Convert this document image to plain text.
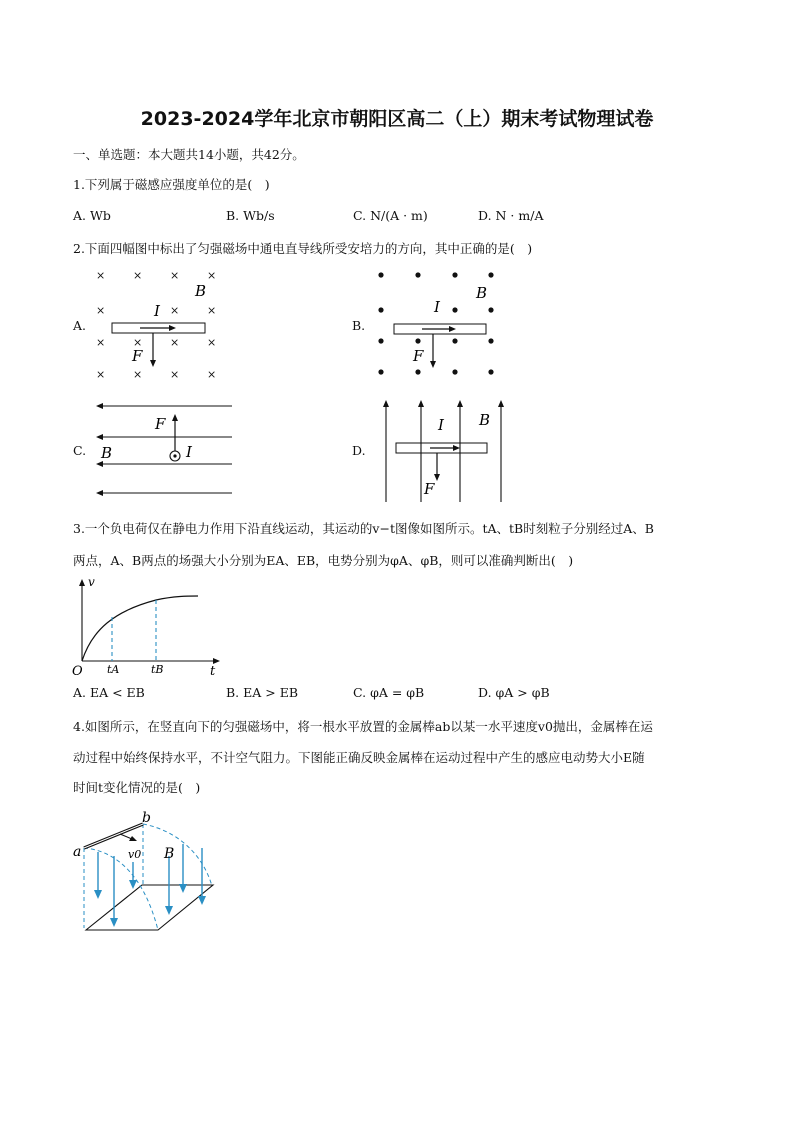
2023-2024学年北京市朝阳区高二（上）期末考试物理试卷
一、单选题：本大题共14小题，共42分。
1.下列属于磁感应强度单位的是(　)
A. Wb	B. Wb/s	C. N/(A · m)	D. N · m/A
2.下面四幅图中标出了匀强磁场中通电直导线所受安培力的方向，其中正确的是(　)
A.
×	×	×	×
×	×	×
×	×	×	×
×	×	×	×
B
I
F
B.
B
I
F
C.
F
B	I	D.
I B
F
3.一个负电荷仅在静电力作用下沿直线运动，其运动的v−t图像如图所示。tA、tB时刻粒子分别经过A、B
两点，A、B两点的场强大小分别为EA、EB，电势分别为φA、φB，则可以准确判断出(　)
v
t
O tA	tB
A. EA < EB	B. EA > EB	C. φA = φB	D. φA > φB
4.如图所示，在竖直向下的匀强磁场中，将一根水平放置的金属棒ab以某一水平速度v0抛出，金属棒在运
动过程中始终保持水平，不计空气阻力。下图能正确反映金属棒在运动过程中产生的感应电动势大小E随
时间t变化情况的是(　)
a
b
v0 B
